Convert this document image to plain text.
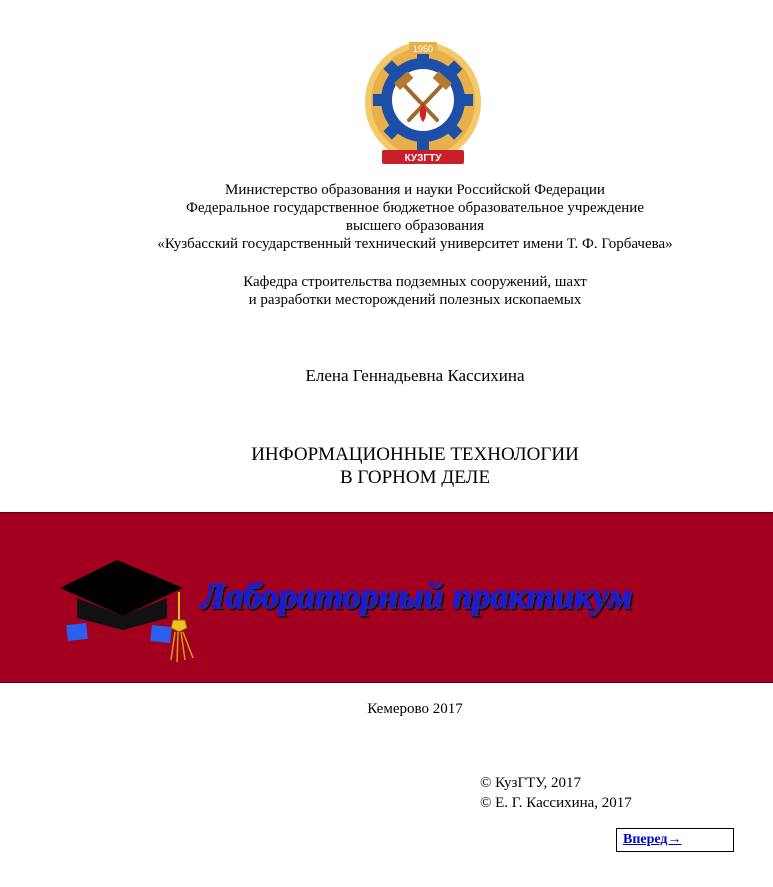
КУЗГТУ
1950
Министерство образования и науки Российской Федерации
Федеральное государственное бюджетное образовательное учреждение
высшего образования
«Кузбасский государственный технический университет имени Т. Ф. Горбачева»
Кафедра строительства подземных сооружений, шахт
и разработки месторождений полезных ископаемых
Елена Геннадьевна Кассихина
ИНФОРМАЦИОННЫЕ ТЕХНОЛОГИИ
В ГОРНОМ ДЕЛЕ
Лабораторный практикум
Кемерово 2017
© КузГТУ, 2017
© Е. Г. Кассихина, 2017
Вперед→
